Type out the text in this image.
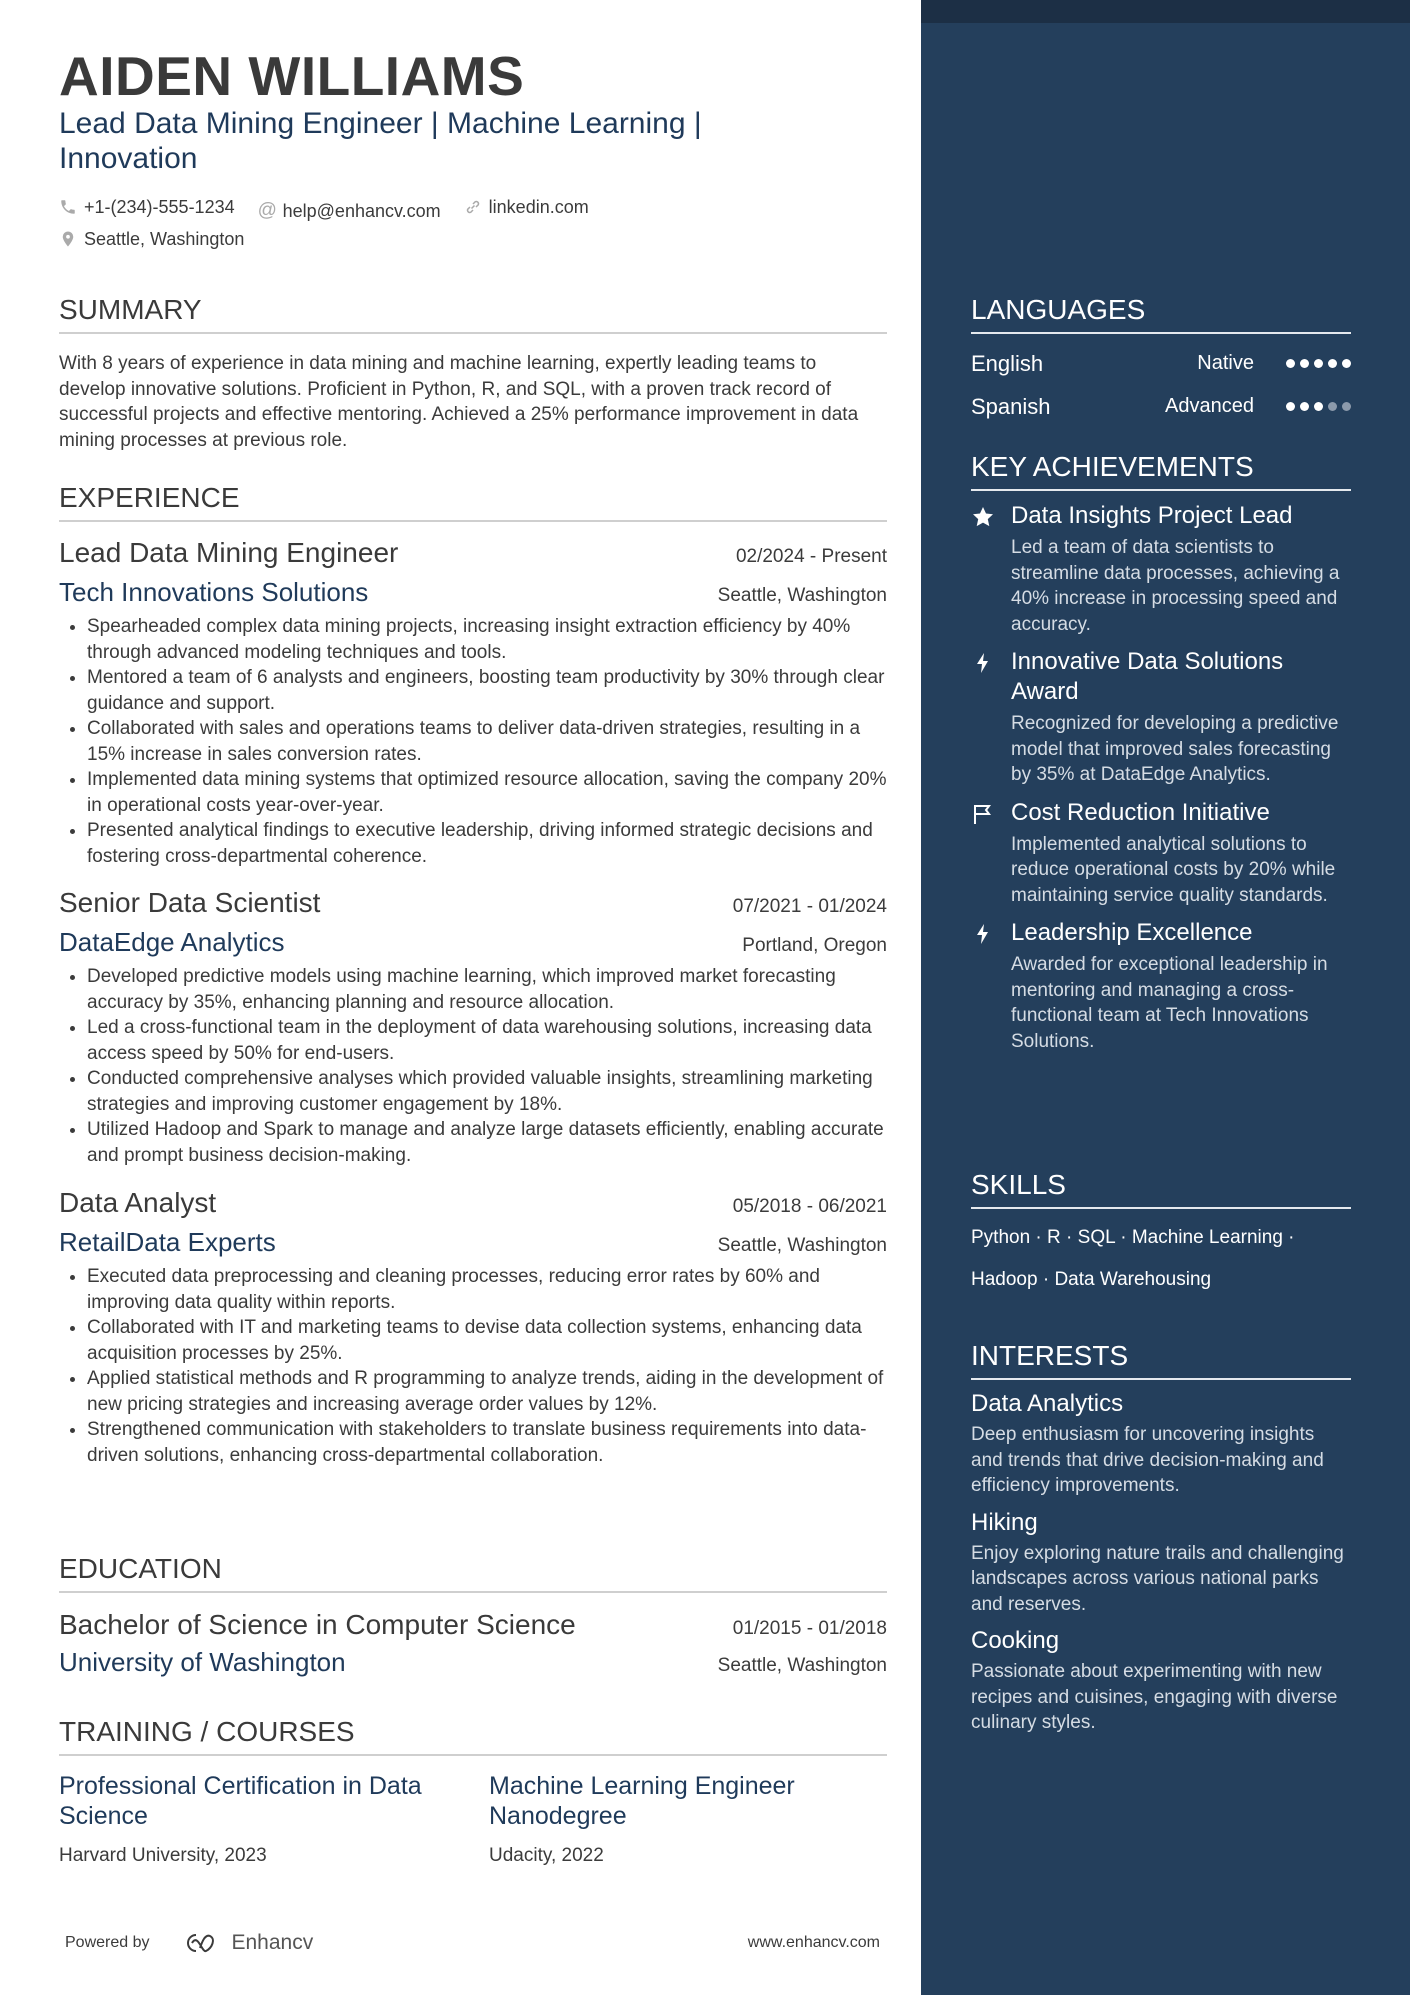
AIDEN WILLIAMS
Lead Data Mining Engineer | Machine Learning | Innovation
+1-(234)-555-1234
@ help@enhancv.com
	linkedin.com
Seattle, Washington
SUMMARY
With 8 years of experience in data mining and machine learning, expertly leading teams to develop innovative solutions. Proficient in Python, R, and SQL, with a proven track record of successful projects and effective mentoring. Achieved a 25% performance improvement in data mining processes at previous role.
EXPERIENCE
Lead Data Mining Engineer	02/2024 - Present
Tech Innovations Solutions	Seattle, Washington
• Spearheaded complex data mining projects, increasing insight extraction efficiency by 40% through advanced modeling techniques and tools.
• Mentored a team of 6 analysts and engineers, boosting team productivity by 30% through clear guidance and support.
• Collaborated with sales and operations teams to deliver data-driven strategies, resulting in a 15% increase in sales conversion rates.
• Implemented data mining systems that optimized resource allocation, saving the company 20% in operational costs year-over-year.
• Presented analytical findings to executive leadership, driving informed strategic decisions and fostering cross-departmental coherence.
Senior Data Scientist	07/2021 - 01/2024
DataEdge Analytics	Portland, Oregon
• Developed predictive models using machine learning, which improved market forecasting accuracy by 35%, enhancing planning and resource allocation.
• Led a cross-functional team in the deployment of data warehousing solutions, increasing data access speed by 50% for end-users.
• Conducted comprehensive analyses which provided valuable insights, streamlining marketing strategies and improving customer engagement by 18%.
• Utilized Hadoop and Spark to manage and analyze large datasets efficiently, enabling accurate and prompt business decision-making.
Data Analyst	05/2018 - 06/2021
RetailData Experts	Seattle, Washington
• Executed data preprocessing and cleaning processes, reducing error rates by 60% and improving data quality within reports.
• Collaborated with IT and marketing teams to devise data collection systems, enhancing data acquisition processes by 25%.
• Applied statistical methods and R programming to analyze trends, aiding in the development of new pricing strategies and increasing average order values by 12%.
• Strengthened communication with stakeholders to translate business requirements into data-driven solutions, enhancing cross-departmental collaboration.
EDUCATION
Bachelor of Science in Computer Science	01/2015 - 01/2018
University of Washington	Seattle, Washington
TRAINING / COURSES
Professional Certification in Data Science
Harvard University, 2023
Machine Learning Engineer Nanodegree
Udacity, 2022
Powered by	Enhancv	www.enhancv.com
LANGUAGES
English	Native
Spanish	Advanced
KEY ACHIEVEMENTS
Data Insights Project Lead
Led a team of data scientists to streamline data processes, achieving a 40% increase in processing speed and accuracy.
Innovative Data Solutions Award
Recognized for developing a predictive model that improved sales forecasting by 35% at DataEdge Analytics.
Cost Reduction Initiative
Implemented analytical solutions to reduce operational costs by 20% while maintaining service quality standards.
Leadership Excellence
Awarded for exceptional leadership in mentoring and managing a cross-functional team at Tech Innovations Solutions.
SKILLS
Python · R · SQL · Machine Learning ·
Hadoop · Data Warehousing
INTERESTS
Data Analytics
Deep enthusiasm for uncovering insights and trends that drive decision-making and efficiency improvements.
Hiking
Enjoy exploring nature trails and challenging landscapes across various national parks and reserves.
Cooking
Passionate about experimenting with new recipes and cuisines, engaging with diverse culinary styles.
